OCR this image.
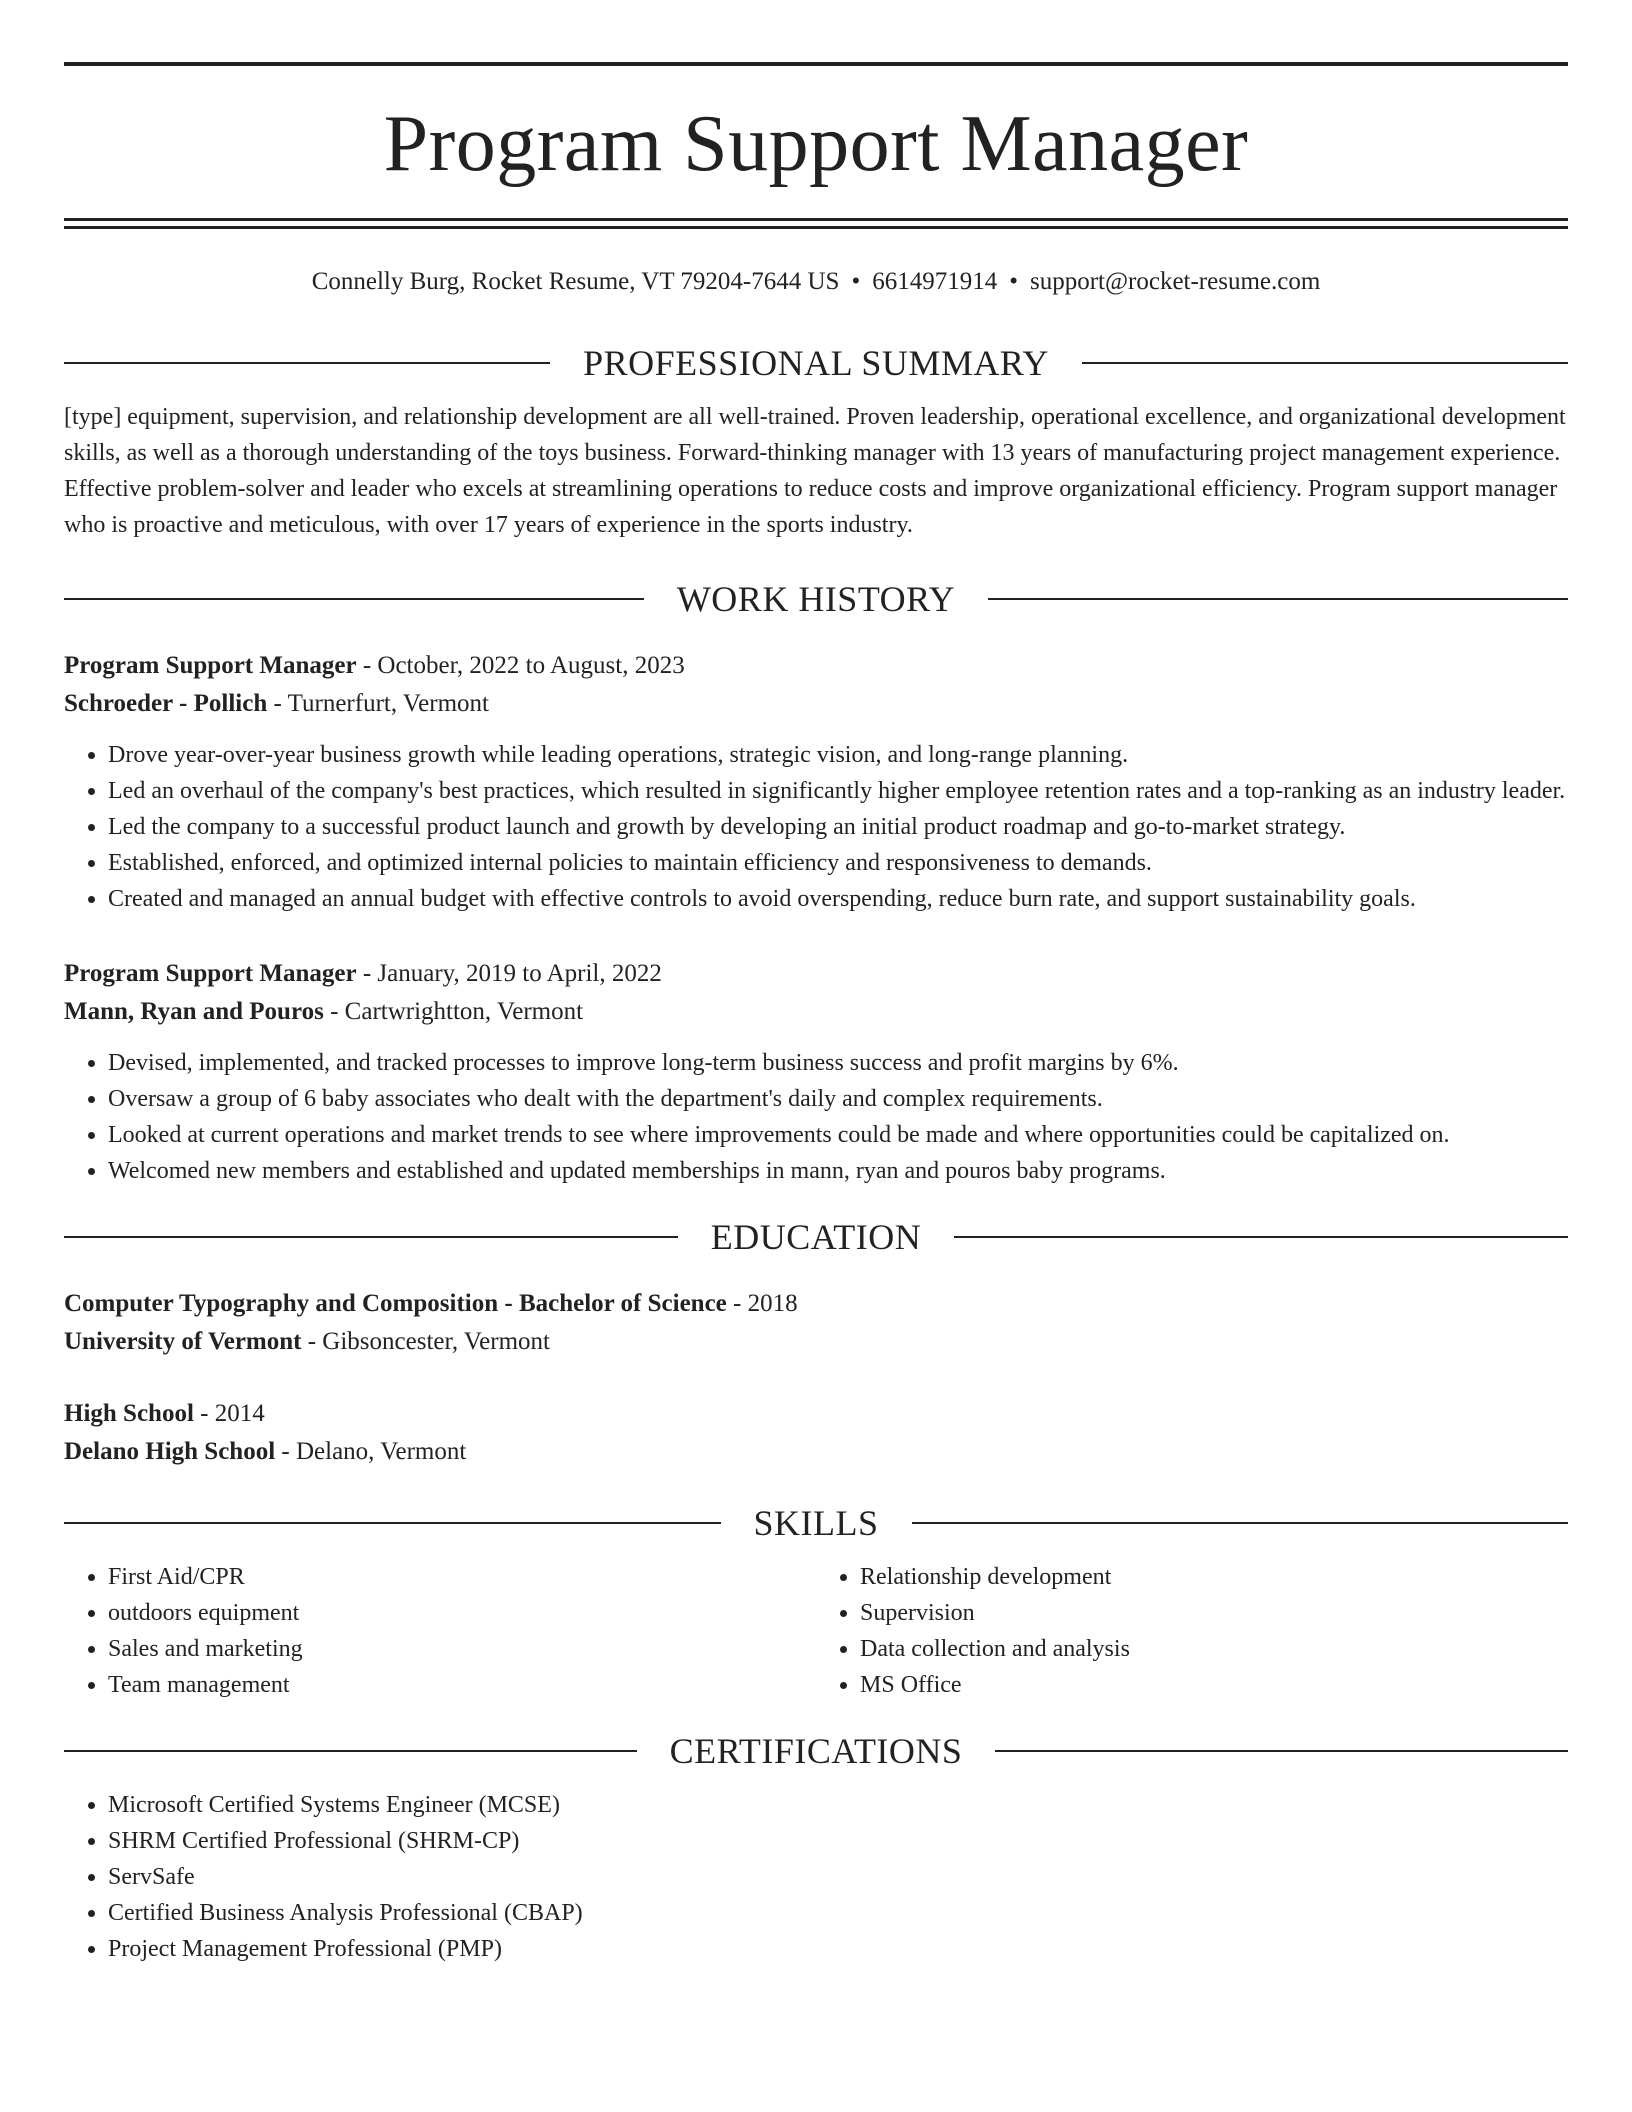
Program Support Manager
Connelly Burg, Rocket Resume, VT 79204-7644 US • 6614971914 • support@rocket-resume.com
PROFESSIONAL SUMMARY

[type] equipment, supervision, and relationship development are all well-trained. Proven leadership, operational excellence, and organizational development skills, as well as a thorough understanding of the toys business. Forward-thinking manager with 13 years of manufacturing project management experience. Effective problem-solver and leader who excels at streamlining operations to reduce costs and improve organizational efficiency. Program support manager who is proactive and meticulous, with over 17 years of experience in the sports industry.

WORK HISTORY
Program Support Manager - October, 2022 to August, 2023
Schroeder - Pollich - Turnerfurt, Vermont
• Drove year-over-year business growth while leading operations, strategic vision, and long-range planning.
• Led an overhaul of the company's best practices, which resulted in significantly higher employee retention rates and a top-ranking as an industry leader.
• Led the company to a successful product launch and growth by developing an initial product roadmap and go-to-market strategy.
• Established, enforced, and optimized internal policies to maintain efficiency and responsiveness to demands.
• Created and managed an annual budget with effective controls to avoid overspending, reduce burn rate, and support sustainability goals.
Program Support Manager - January, 2019 to April, 2022
Mann, Ryan and Pouros - Cartwrightton, Vermont
• Devised, implemented, and tracked processes to improve long-term business success and profit margins by 6%.
• Oversaw a group of 6 baby associates who dealt with the department's daily and complex requirements.
• Looked at current operations and market trends to see where improvements could be made and where opportunities could be capitalized on.
• Welcomed new members and established and updated memberships in mann, ryan and pouros baby programs.
EDUCATION
Computer Typography and Composition - Bachelor of Science - 2018
University of Vermont - Gibsoncester, Vermont
High School - 2014
Delano High School - Delano, Vermont
SKILLS
• First Aid/CPR
• outdoors equipment
• Sales and marketing
• Team management
• Relationship development
• Supervision
• Data collection and analysis
• MS Office
CERTIFICATIONS
• Microsoft Certified Systems Engineer (MCSE)
• SHRM Certified Professional (SHRM-CP)
• ServSafe
• Certified Business Analysis Professional (CBAP)
• Project Management Professional (PMP)
